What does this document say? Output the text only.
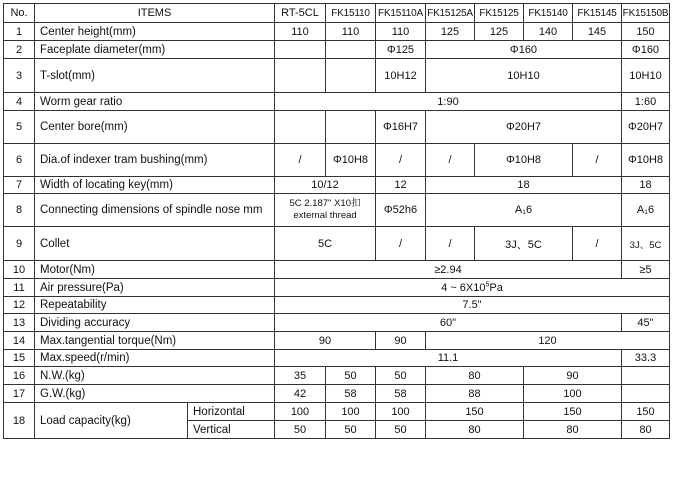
No.	ITEMS		RT-5CL	FK15110	FK15110A	FK15125A	FK15125	FK15140	FK15145	FK15150B
1	Center height(mm)		110	110	110	125	125	140	145	150
2	Faceplate diameter(mm)				Φ125	Φ160				Φ160
3	T-slot(mm)				10H12	10H10				10H10
4	Worm gear ratio		1:90							1:60
5	Center bore(mm)				Φ16H7	Φ20H7				Φ20H7
6	Dia.of indexer tram bushing(mm)		/	Φ10H8	/	/	Φ10H8		/	Φ10H8
7	Width of locating key(mm)		10/12		12	18				18
8	Connecting dimensions of spindle nose mm		5C 2.187" X10扣
external thread		Φ52h6	A₁6				A₁6
9	Collet		5C		/	/	3J、5C		/	3J、5C
10	Motor(Nm)		≥2.94							≥5
11	Air pressure(Pa)		4 ~ $6X10^5Pa$							
12	Repeatability		7.5"							
13	Dividing accuracy		60"							45"
14	Max.tangential torque(Nm)		90		90	120				
15	Max.speed(r/min)		11.1							33.3
16	N.W.(kg)		35	50	50	80		90		
17	G.W.(kg)		42	58	58	88		100		
18	Load capacity(kg)	Horizontal	100	100	100	150		150		150
		Vertical	50	50	50	80		80		80
